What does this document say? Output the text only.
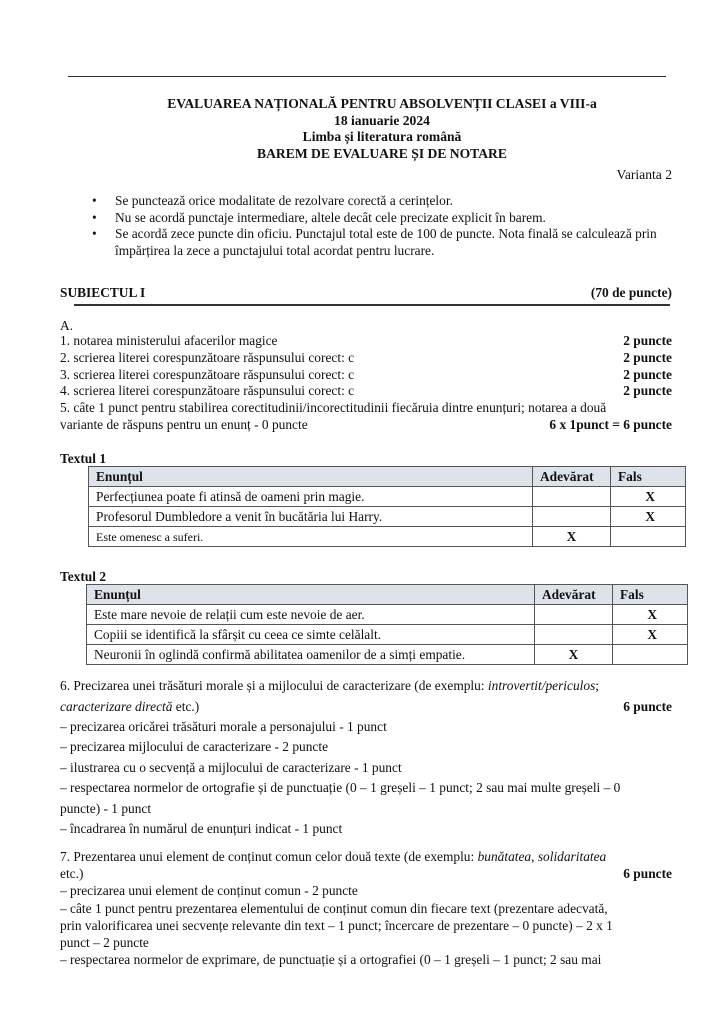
EVALUAREA NAȚIONALĂ PENTRU ABSOLVENȚII CLASEI a VIII-a
18 ianuarie 2024
Limba și literatura română
BAREM DE EVALUARE ȘI DE NOTARE
Varianta 2
• Se punctează orice modalitate de rezolvare corectă a cerințelor.
• Nu se acordă punctaje intermediare, altele decât cele precizate explicit în barem.
• Se acordă zece puncte din oficiu. Punctajul total este de 100 de puncte. Nota finală se calculează prin împărțirea la zece a punctajului total acordat pentru lucrare.
SUBIECTUL I	(70 de puncte)
A.
1. notarea ministerului afacerilor magice	2 puncte
2. scrierea literei corespunzătoare răspunsului corect: c	2 puncte
3. scrierea literei corespunzătoare răspunsului corect: c	2 puncte
4. scrierea literei corespunzătoare răspunsului corect: c	2 puncte
5. câte 1 punct pentru stabilirea corectitudinii/incorectitudinii fiecăruia dintre enunțuri; notarea a două
variante de răspuns pentru un enunț - 0 puncte	6 x 1punct = 6 puncte
Textul 1
Enunțul	Adevărat	Fals
Perfecțiunea poate fi atinsă de oameni prin magie.		X
Profesorul Dumbledore a venit în bucătăria lui Harry.		X
Este omenesc a suferi.	X	
Textul 2
Enunțul	Adevărat	Fals
Este mare nevoie de relații cum este nevoie de aer.		X
Copiii se identifică la sfârșit cu ceea ce simte celălalt.		X
Neuronii în oglindă confirmă abilitatea oamenilor de a simți empatie.	X	
6. Precizarea unei trăsături morale și a mijlocului de caracterizare (de exemplu: introvertit/periculos;
caracterizare directă etc.)	6 puncte
– precizarea oricărei trăsături morale a personajului - 1 punct
– precizarea mijlocului de caracterizare - 2 puncte
– ilustrarea cu o secvență a mijlocului de caracterizare - 1 punct
– respectarea normelor de ortografie și de punctuație (0 – 1 greșeli – 1 punct; 2 sau mai multe greșeli – 0
puncte) - 1 punct
– încadrarea în numărul de enunțuri indicat - 1 punct
7. Prezentarea unui element de conținut comun celor două texte (de exemplu: bunătatea, solidaritatea
etc.)	6 puncte
– precizarea unui element de conținut comun - 2 puncte
– câte 1 punct pentru prezentarea elementului de conținut comun din fiecare text (prezentare adecvată,
prin valorificarea unei secvențe relevante din text – 1 punct; încercare de prezentare – 0 puncte) – 2 x 1
punct – 2 puncte
– respectarea normelor de exprimare, de punctuație și a ortografiei (0 – 1 greșeli – 1 punct; 2 sau mai
